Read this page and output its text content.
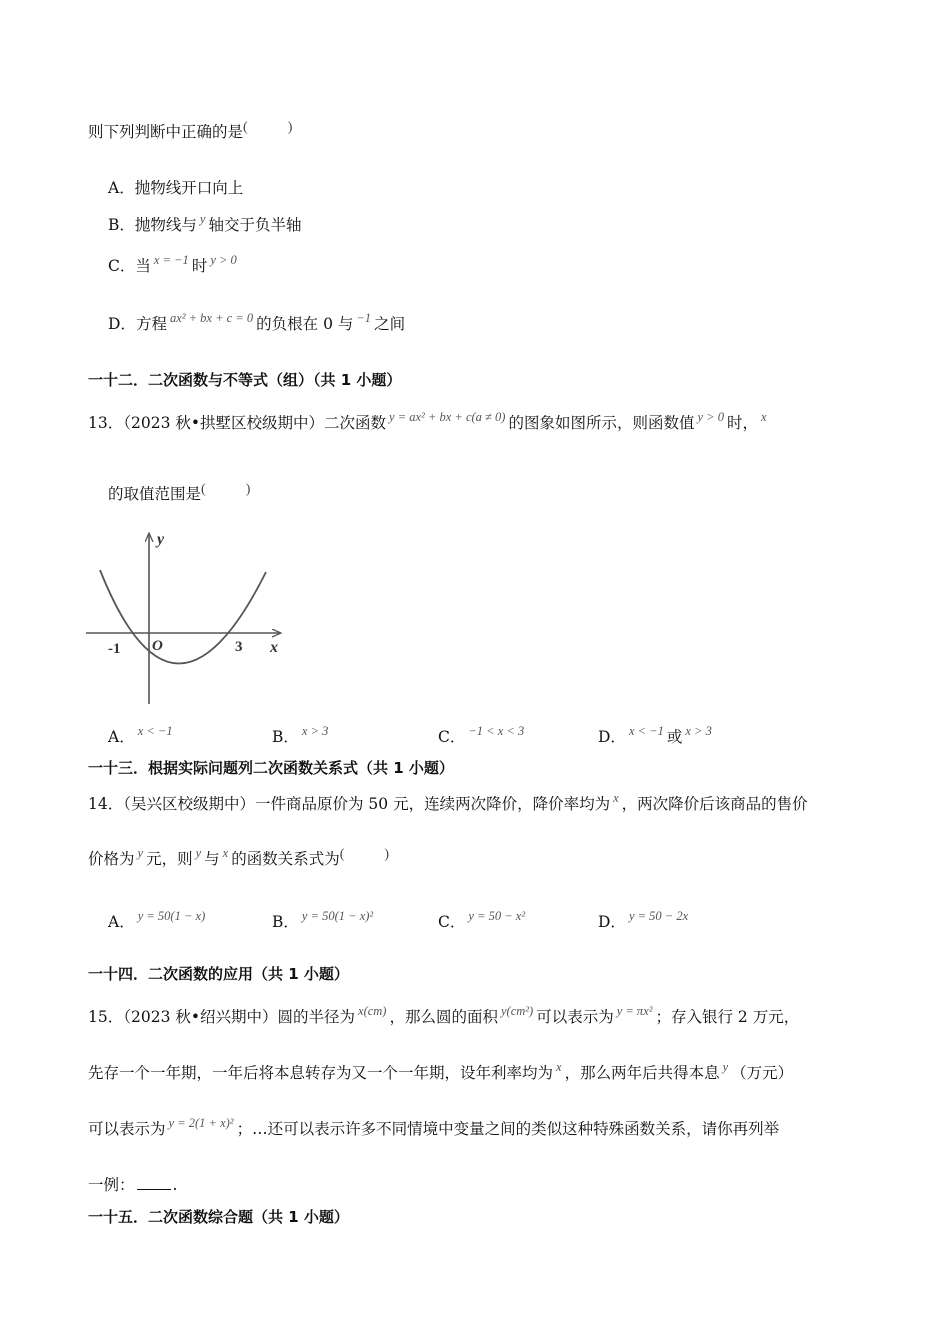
则下列判断中正确的是(	)
A．抛物线开口向上
B．抛物线与 $^y$ 轴交于负半轴
C．当 $^{x = -1}$ 时 $^{y > 0}$
D．方程 $^{ax^2 + bx + c = 0}$ 的负根在 0 与 $^{-1}$ 之间
一十二．二次函数与不等式（组）（共 1 小题）
13．（2023 秋•拱墅区校级期中）二次函数 $^{y = ax^2 + bx + c(a \ne 0)}$ 的图象如图所示，则函数值 $^{y > 0}$ 时， $^x$
的取值范围是(	)
y
x
O
-1	3
A． $^{x < -1}$	B． $^{x > 3}$	C． $^{-1 < x < 3}$	D． $^{x < -1}$ 或 $^{x > 3}$
一十三．根据实际问题列二次函数关系式（共 1 小题）
14．（吴兴区校级期中）一件商品原价为 50 元，连续两次降价，降价率均为 $^x$ ，两次降价后该商品的售价
价格为 $^y$ 元，则 $^y$ 与 $^x$ 的函数关系式为(	)
A． $^{y = 50(1 - x)}$	B． $^{y = 50(1 - x)^2}$	C． $^{y = 50 - x^2}$	D． $^{y = 50 - 2x}$
一十四．二次函数的应用（共 1 小题）
15．（2023 秋•绍兴期中）圆的半径为 $^{x(cm)}$ ，那么圆的面积 $^{y(cm^2)}$ 可以表示为 $^{y = \pi x^2}$ ；存入银行 2 万元，
先存一个一年期，一年后将本息转存为又一个一年期，设年利率均为 $^x$ ，那么两年后共得本息 $^y$ （万元）
可以表示为 $^{y = 2(1 + x)^2}$ ；…还可以表示许多不同情境中变量之间的类似这种特殊函数关系，请你再列举
一例： .
一十五．二次函数综合题（共 1 小题）
